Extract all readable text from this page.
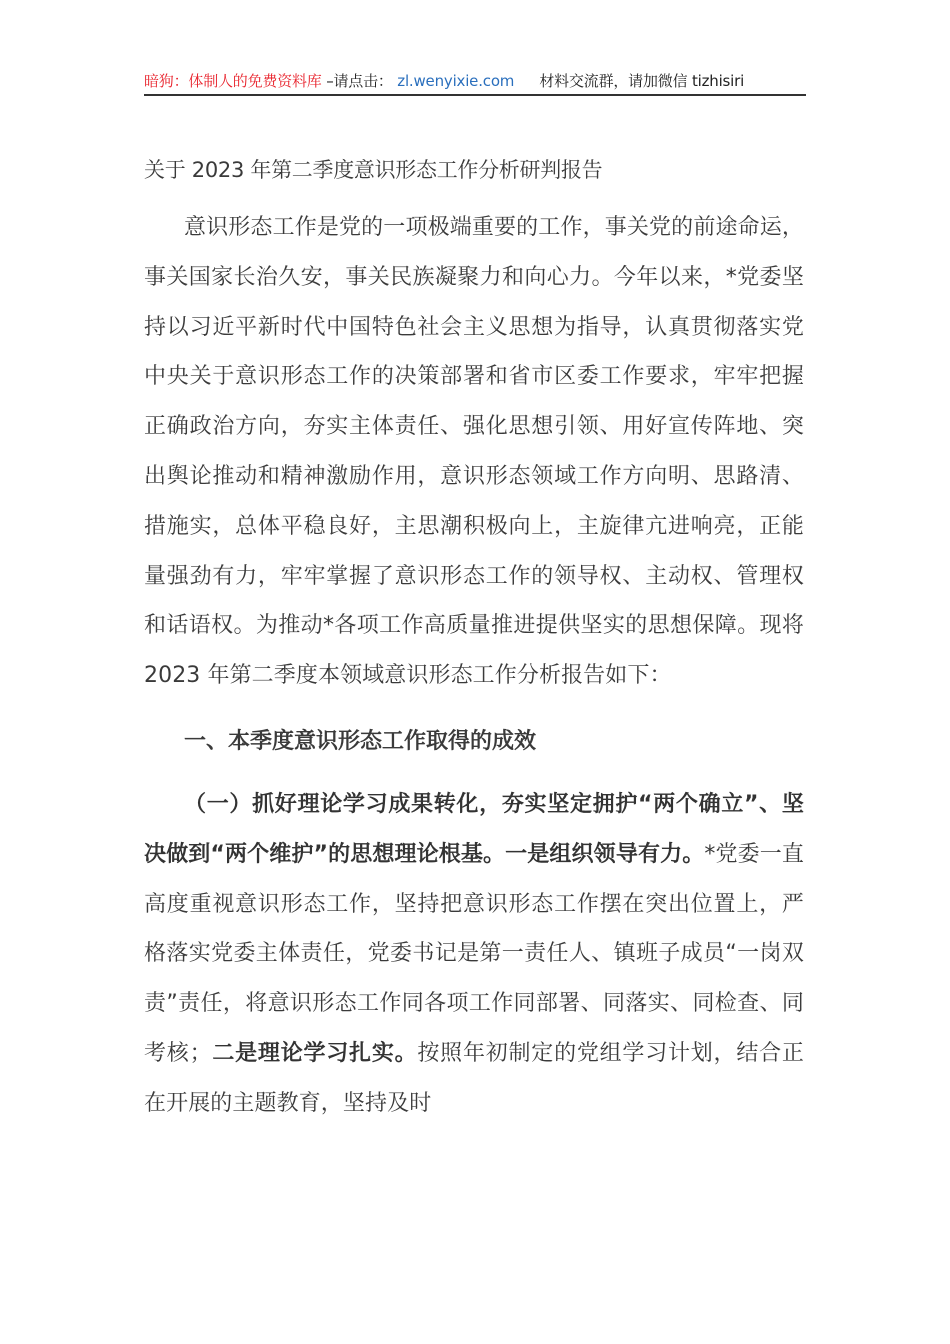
暗狗：体制人的免费资料库 –请点击： zl.wenyixie.com 材料交流群，请加微信 tizhisiri
关于 2023 年第二季度意识形态工作分析研判报告

意识形态工作是党的一项极端重要的工作，事关党的前途命运，事关国家长治久安，事关民族凝聚力和向心力。今年以来，*党委坚持以习近平新时代中国特色社会主义思想为指导，认真贯彻落实党中央关于意识形态工作的决策部署和省市区委工作要求，牢牢把握正确政治方向，夯实主体责任、强化思想引领、用好宣传阵地、突出舆论推动和精神激励作用，意识形态领域工作方向明、思路清、措施实，总体平稳良好，主思潮积极向上，主旋律亢进响亮，正能量强劲有力，牢牢掌握了意识形态工作的领导权、主动权、管理权和话语权。为推动*各项工作高质量推进提供坚实的思想保障。现将 2023 年第二季度本领域意识形态工作分析报告如下：

一、本季度意识形态工作取得的成效

（一）抓好理论学习成果转化，夯实坚定拥护“两个确立”、坚决做到“两个维护”的思想理论根基。一是组织领导有力。*党委一直高度重视意识形态工作，坚持把意识形态工作摆在突出位置上，严格落实党委主体责任，党委书记是第一责任人、镇班子成员“一岗双责”责任，将意识形态工作同各项工作同部署、同落实、同检查、同考核；二是理论学习扎实。按照年初制定的党组学习计划，结合正在开展的主题教育，坚持及时
